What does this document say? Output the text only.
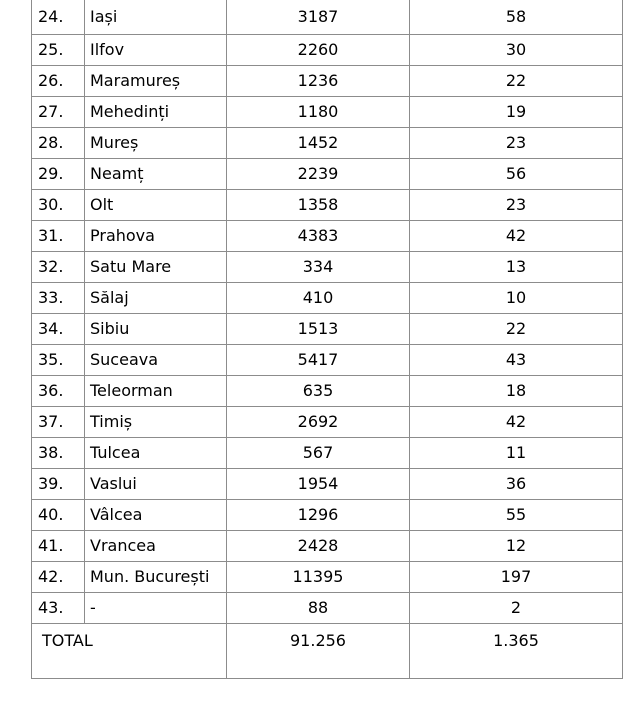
24.	Iași	3187	58
25.	Ilfov	2260	30
26.	Maramureș	1236	22
27.	Mehedinți	1180	19
28.	Mureș	1452	23
29.	Neamț	2239	56
30.	Olt	1358	23
31.	Prahova	4383	42
32.	Satu Mare	334	13
33.	Sălaj	410	10
34.	Sibiu	1513	22
35.	Suceava	5417	43
36.	Teleorman	635	18
37.	Timiș	2692	42
38.	Tulcea	567	11
39.	Vaslui	1954	36
40.	Vâlcea	1296	55
41.	Vrancea	2428	12
42.	Mun. București	11395	197
43.	-	88	2
TOTAL		91.256	1.365
